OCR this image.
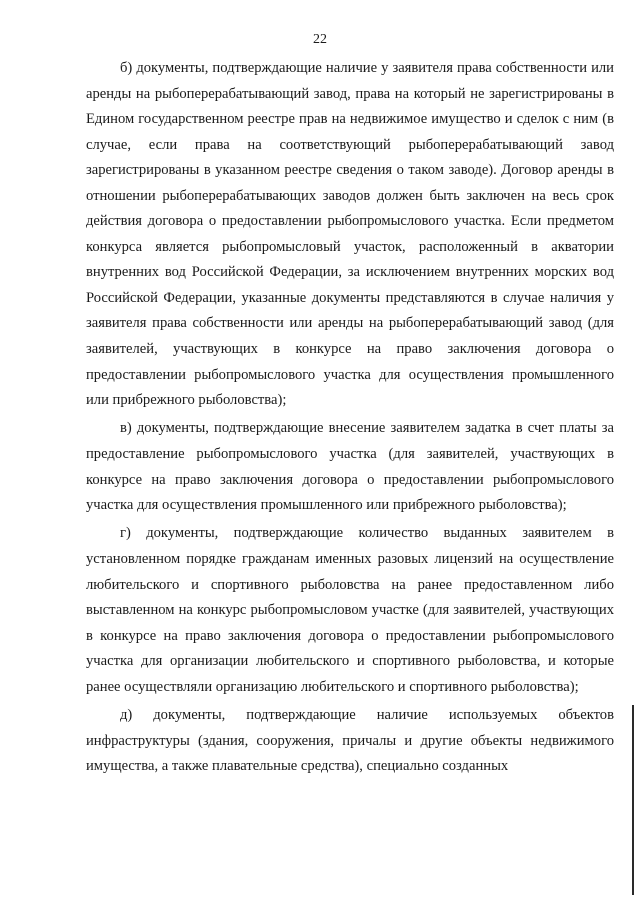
22

б) документы, подтверждающие наличие у заявителя права собственности или аренды на рыбоперерабатывающий завод, права на который не зарегистрированы в Едином государственном реестре прав на недвижимое имущество и сделок с ним (в случае, если права на соответствующий рыбоперерабатывающий завод зарегистрированы в указанном реестре сведения о таком заводе). Договор аренды в отношении рыбоперерабатывающих заводов должен быть заключен на весь срок действия договора о предоставлении рыбопромыслового участка. Если предметом конкурса является рыбопромысловый участок, расположенный в акватории внутренних вод Российской Федерации, за исключением внутренних морских вод Российской Федерации, указанные документы представляются в случае наличия у заявителя права собственности или аренды на рыбоперерабатывающий завод (для заявителей, участвующих в конкурсе на право заключения договора о предоставлении рыбопромыслового участка для осуществления промышленного или прибрежного рыболовства);

в) документы, подтверждающие внесение заявителем задатка в счет платы за предоставление рыбопромыслового участка (для заявителей, участвующих в конкурсе на право заключения договора о предоставлении рыбопромыслового участка для осуществления промышленного или прибрежного рыболовства);

г) документы, подтверждающие количество выданных заявителем в установленном порядке гражданам именных разовых лицензий на осуществление любительского и спортивного рыболовства на ранее предоставленном либо выставленном на конкурс рыбопромысловом участке (для заявителей, участвующих в конкурсе на право заключения договора о предоставлении рыбопромыслового участка для организации любительского и спортивного рыболовства, и которые ранее осуществляли организацию любительского и спортивного рыболовства);

д) документы, подтверждающие наличие используемых объектов инфраструктуры (здания, сооружения, причалы и другие объекты недвижимого имущества, а также плавательные средства), специально созданных
